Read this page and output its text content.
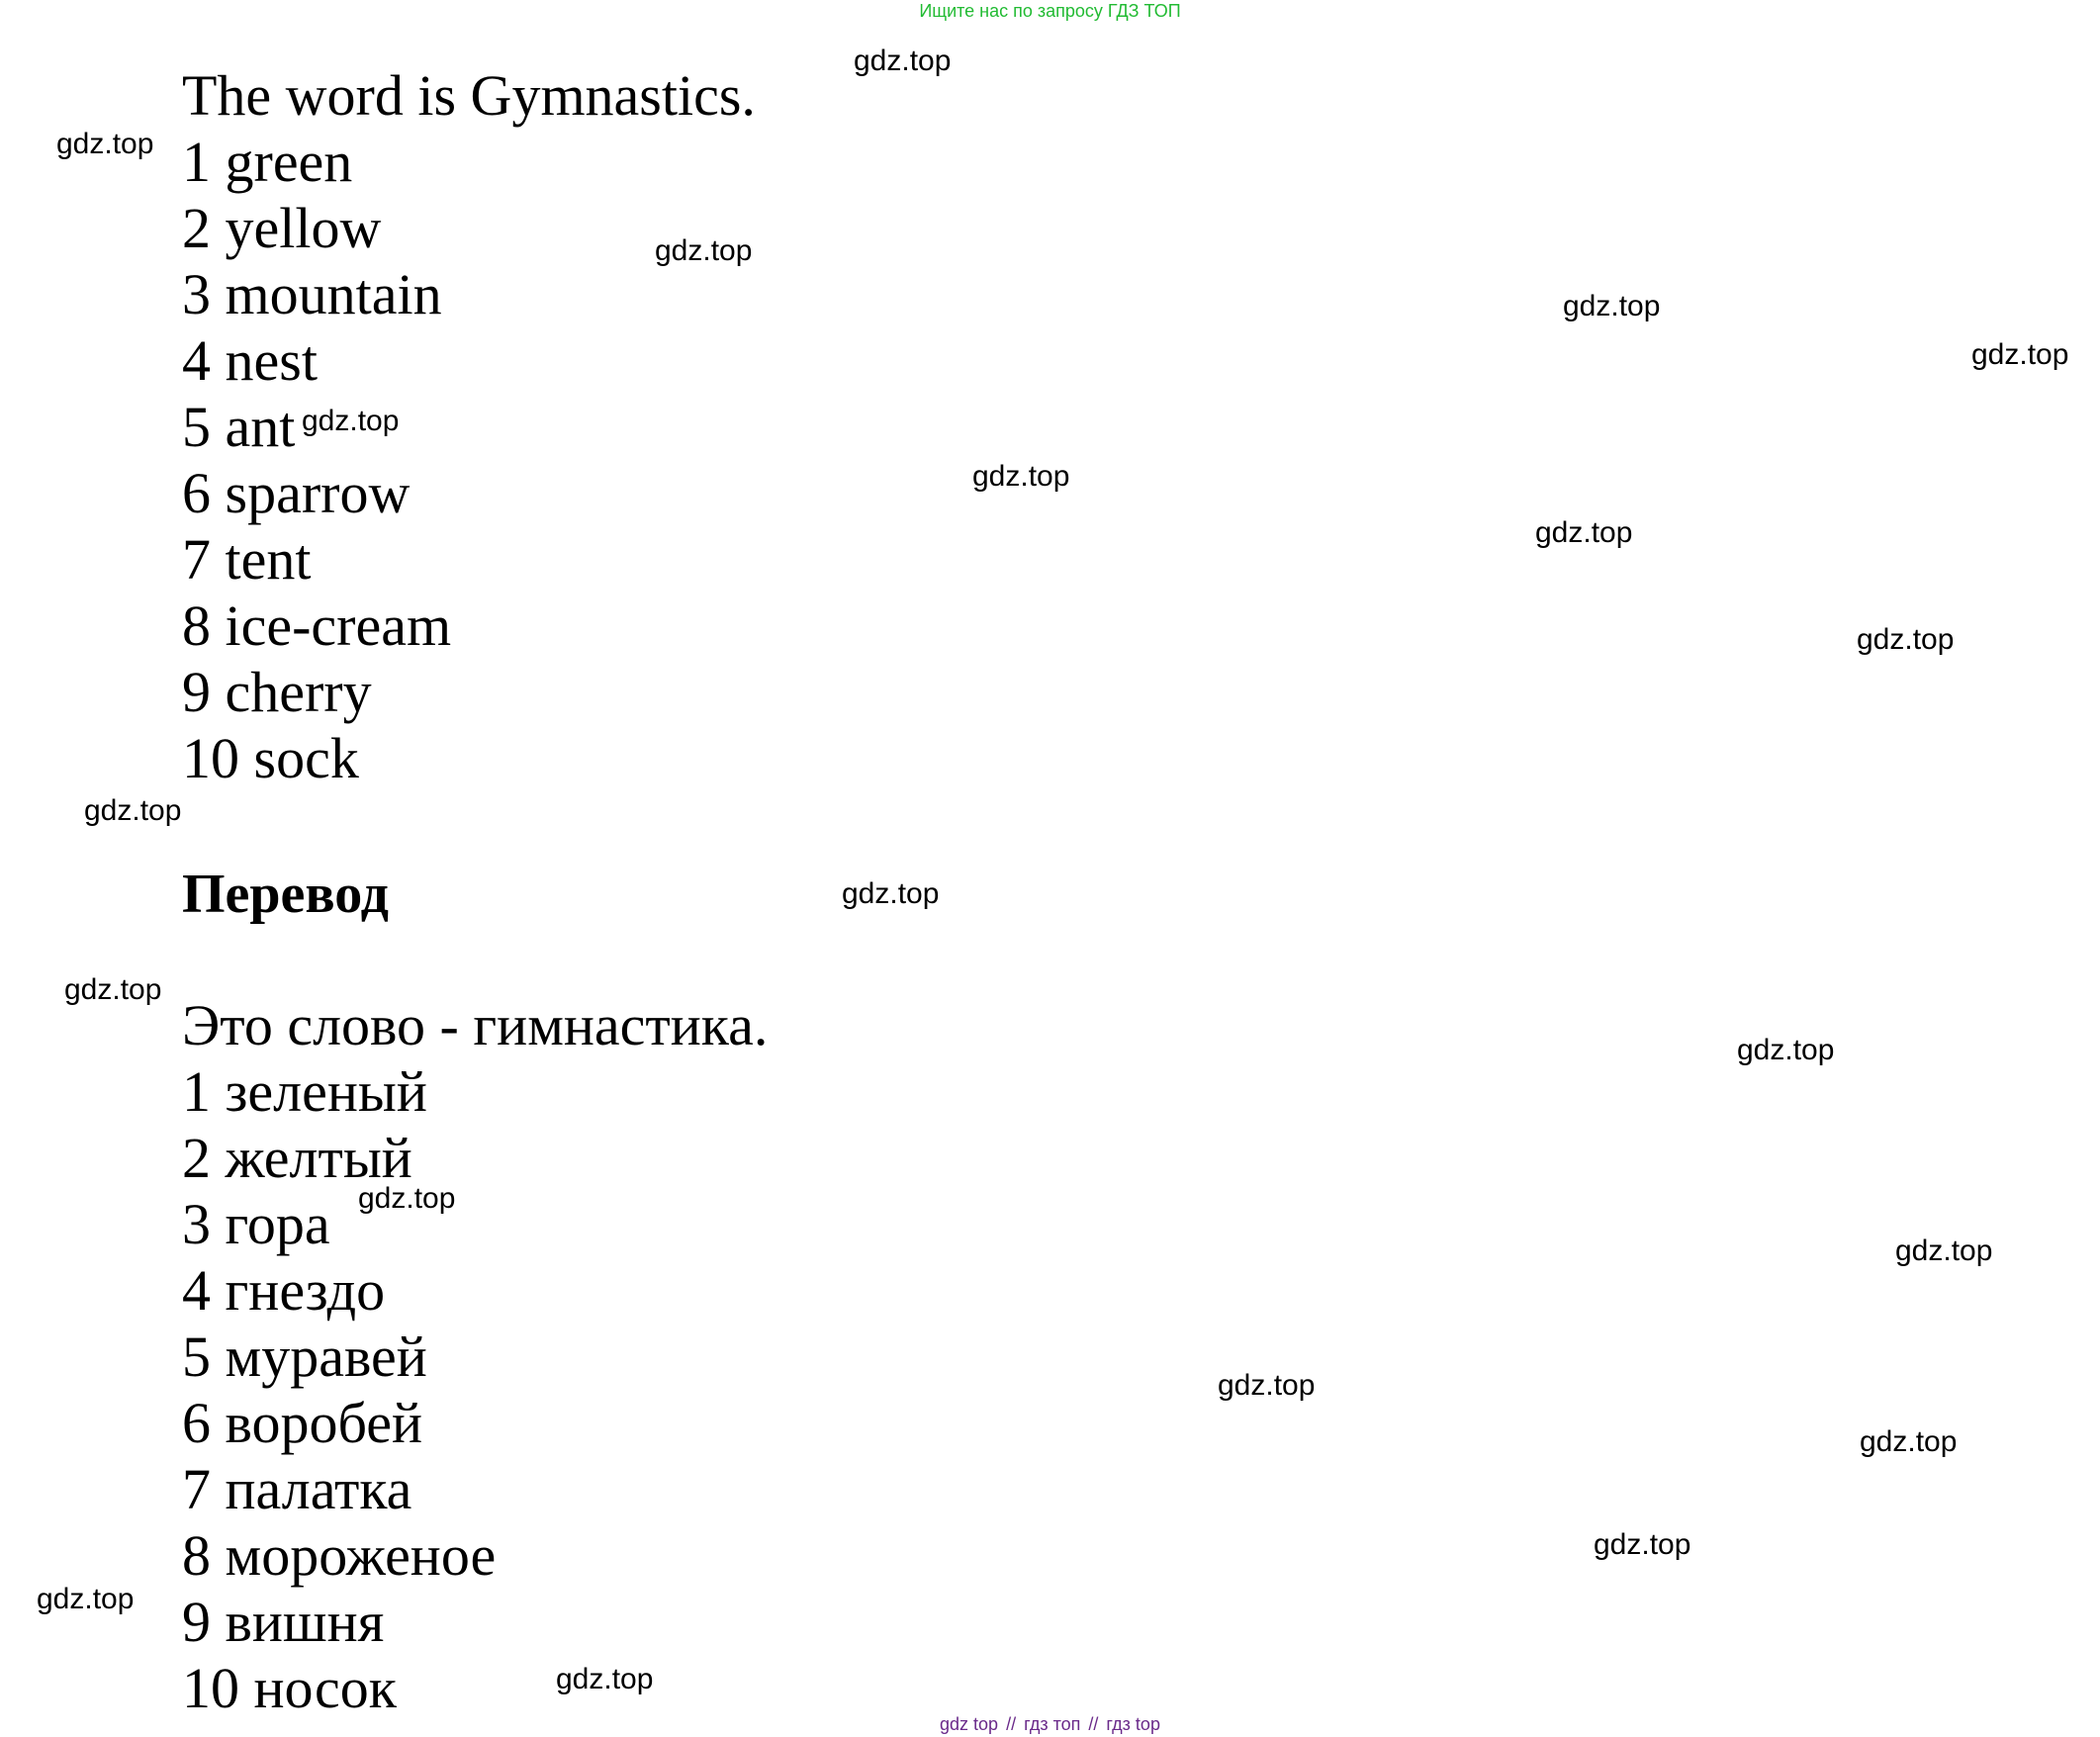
Ищите нас по запросу ГДЗ ТОП
The word is Gymnastics.
1 green
2 yellow
3 mountain
4 nest
5 ant
6 sparrow
7 tent
8 ice-cream
9 cherry
10 sock
Перевод
Это слово - гимнастика.
1 зеленый
2 желтый
3 гора
4 гнездо
5 муравей
6 воробей
7 палатка
8 мороженое
9 вишня
10 носок
gdz.top
gdz.top
gdz.top
gdz.top
gdz.top
gdz.top
gdz.top
gdz.top
gdz.top
gdz.top
gdz.top
gdz.top
gdz.top
gdz.top
gdz.top
gdz.top
gdz.top
gdz.top
gdz.top
gdz.top
gdz top // гдз топ // гдз top
